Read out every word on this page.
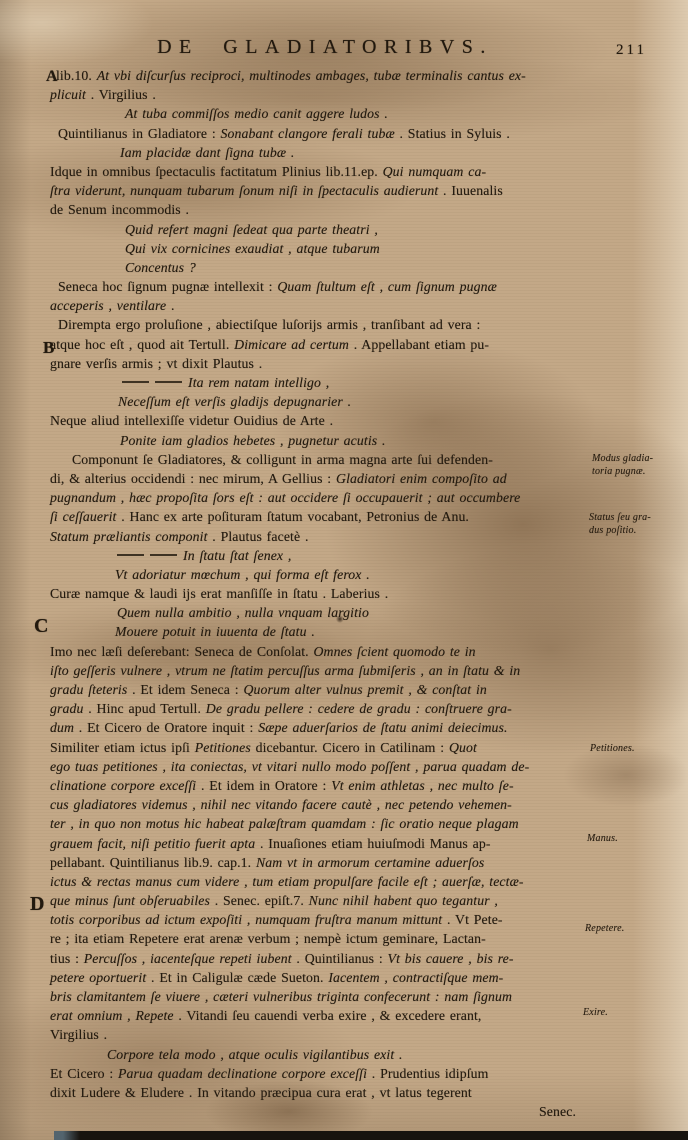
DE GLADIATORIBVS.	211
lib.10. At vbi diſcurſus reciproci, multinodes ambages, tubæ terminalis cantus ex-
plicuit . Virgilius .
At tuba commiſſos medio canit aggere ludos .
Quintilianus in Gladiatore : Sonabant clangore ferali tubæ . Statius in Syluis .
Iam placidæ dant ſigna tubæ .
Idque in omnibus ſpectaculis factitatum Plinius lib.11.ep. Qui numquam ca-
ſtra viderunt, nunquam tubarum ſonum niſi in ſpectaculis audierunt . Iuuenalis
de Senum incommodis .
Quid refert magni ſedeat qua parte theatri ,
Qui vix cornicines exaudiat , atque tubarum
Concentus ?
Seneca hoc ſignum pugnæ intellexit : Quam ſtultum eſt , cum ſignum pugnæ
acceperis , ventilare .
Dirempta ergo proluſione , abiectiſque luſorijs armis , tranſibant ad vera :
atque hoc eſt , quod ait Tertull. Dimicare ad certum . Appellabant etiam pu-
gnare verſis armis ; vt dixit Plautus .
Ita rem natam intelligo ,
Neceſſum eſt verſis gladijs depugnarier .
Neque aliud intellexiſſe videtur Ouidius de Arte .
Ponite iam gladios hebetes , pugnetur acutis .
Componunt ſe Gladiatores, & colligunt in arma magna arte ſui defenden-
di, & alterius occidendi : nec mirum, A Gellius : Gladiatori enim compoſito ad
pugnandum , hæc propoſita ſors eſt : aut occidere ſi occupauerit ; aut occumbere
ſi ceſſauerit . Hanc ex arte poſituram ſtatum vocabant, Petronius de Anu.
Statum præliantis componit . Plautus facetè .
In ſtatu ſtat ſenex ,
Vt adoriatur mœchum , qui forma eſt ferox .
Curæ namque & laudi ijs erat manſiſſe in ſtatu . Laberius .
Quem nulla ambitio , nulla vnquam largitio
Mouere potuit in iuuenta de ſtatu .
Imo nec læſi deſerebant: Seneca de Conſolat. Omnes ſcient quomodo te in
iſto geſſeris vulnere , vtrum ne ſtatim percuſſus arma ſubmiſeris , an in ſtatu & in
gradu ſteteris . Et idem Seneca : Quorum alter vulnus premit , & conſtat in
gradu . Hinc apud Tertull. De gradu pellere : cedere de gradu : conſtruere gra-
dum . Et Cicero de Oratore inquit : Sæpe aduerſarios de ſtatu animi deiecimus.
Similiter etiam ictus ipſi Petitiones dicebantur. Cicero in Catilinam : Quot
ego tuas petitiones , ita coniectas, vt vitari nullo modo poſſent , parua quadam de-
clinatione corpore exceſſi . Et idem in Oratore : Vt enim athletas , nec multo ſe-
cus gladiatores videmus , nihil nec vitando facere cautè , nec petendo vehemen-
ter , in quo non motus hic habeat palæſtram quamdam : ſic oratio neque plagam
grauem facit, niſi petitio fuerit apta . Inuaſiones etiam huiuſmodi Manus ap-
pellabant. Quintilianus lib.9. cap.1. Nam vt in armorum certamine aduerſos
ictus & rectas manus cum videre , tum etiam propulſare facile eſt ; auerſæ, tectæ-
que minus ſunt obſeruabiles . Senec. epiſt.7. Nunc nihil habent quo tegantur ,
totis corporibus ad ictum expoſiti , numquam fruſtra manum mittunt . Vt Pete-
re ; ita etiam Repetere erat arenæ verbum ; nempè ictum geminare, Lactan-
tius : Percuſſos , iacenteſque repeti iubent . Quintilianus : Vt bis cauere , bis re-
petere oportuerit . Et in Caligulæ cæde Sueton. Iacentem , contractiſque mem-
bris clamitantem ſe viuere , cæteri vulneribus triginta confecerunt : nam ſignum
erat omnium , Repete . Vitandi ſeu cauendi verba exire , & excedere erant,
Virgilius .
Corpore tela modo , atque oculis vigilantibus exit .
Et Cicero : Parua quadam declinatione corpore exceſſi . Prudentius idipſum
dixit Ludere & Eludere . In vitando præcipua cura erat , vt latus tegerent
Senec.
A
B
C
D
Modus gladia-
toria pugnæ.
Status ſeu gra-
dus poſitio.
Petitiones.
Manus.
Repetere.
Exire.
